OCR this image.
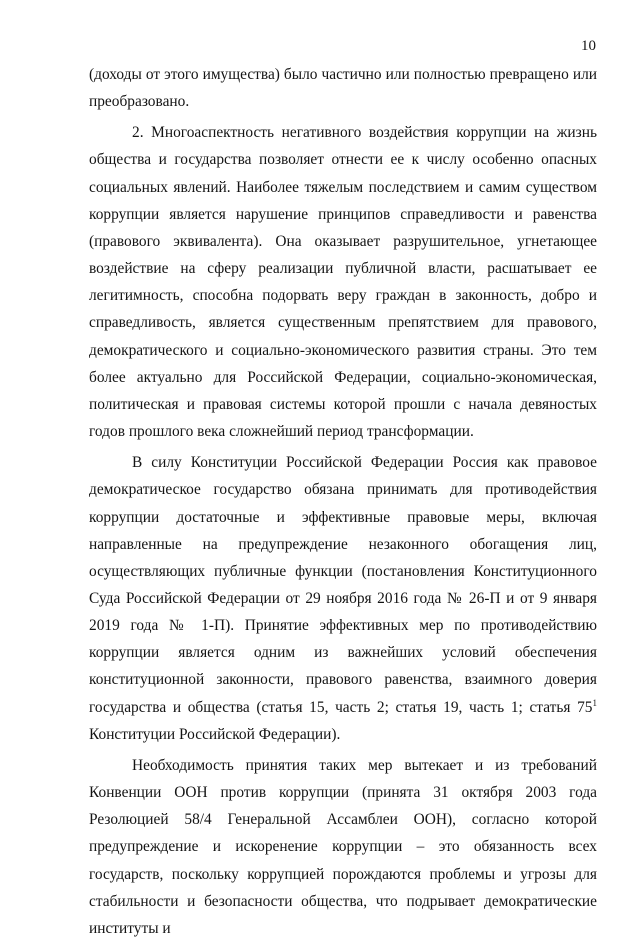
10

(доходы от этого имущества) было частично или полностью превращено или преобразовано.

2. Многоаспектность негативного воздействия коррупции на жизнь общества и государства позволяет отнести ее к числу особенно опасных социальных явлений. Наиболее тяжелым последствием и самим существом коррупции является нарушение принципов справедливости и равенства (правового эквивалента). Она оказывает разрушительное, угнетающее воздействие на сферу реализации публичной власти, расшатывает ее легитимность, способна подорвать веру граждан в законность, добро и справедливость, является существенным препятствием для правового, демократического и социально-экономического развития страны. Это тем более актуально для Российской Федерации, социально-экономическая, политическая и правовая системы которой прошли с начала девяностых годов прошлого века сложнейший период трансформации.

В силу Конституции Российской Федерации Россия как правовое демократическое государство обязана принимать для противодействия коррупции достаточные и эффективные правовые меры, включая направленные на предупреждение незаконного обогащения лиц, осуществляющих публичные функции (постановления Конституционного Суда Российской Федерации от 29 ноября 2016 года № 26-П и от 9 января 2019 года № 1-П). Принятие эффективных мер по противодействию коррупции является одним из важнейших условий обеспечения конституционной законности, правового равенства, взаимного доверия государства и общества (статья 15, часть 2; статья 19, часть 1; статья $75^1$ Конституции Российской Федерации).

Необходимость принятия таких мер вытекает и из требований Конвенции ООН против коррупции (принята 31 октября 2003 года Резолюцией 58/4 Генеральной Ассамблеи ООН), согласно которой предупреждение и искоренение коррупции – это обязанность всех государств, поскольку коррупцией порождаются проблемы и угрозы для стабильности и безопасности общества, что подрывает демократические институты и
